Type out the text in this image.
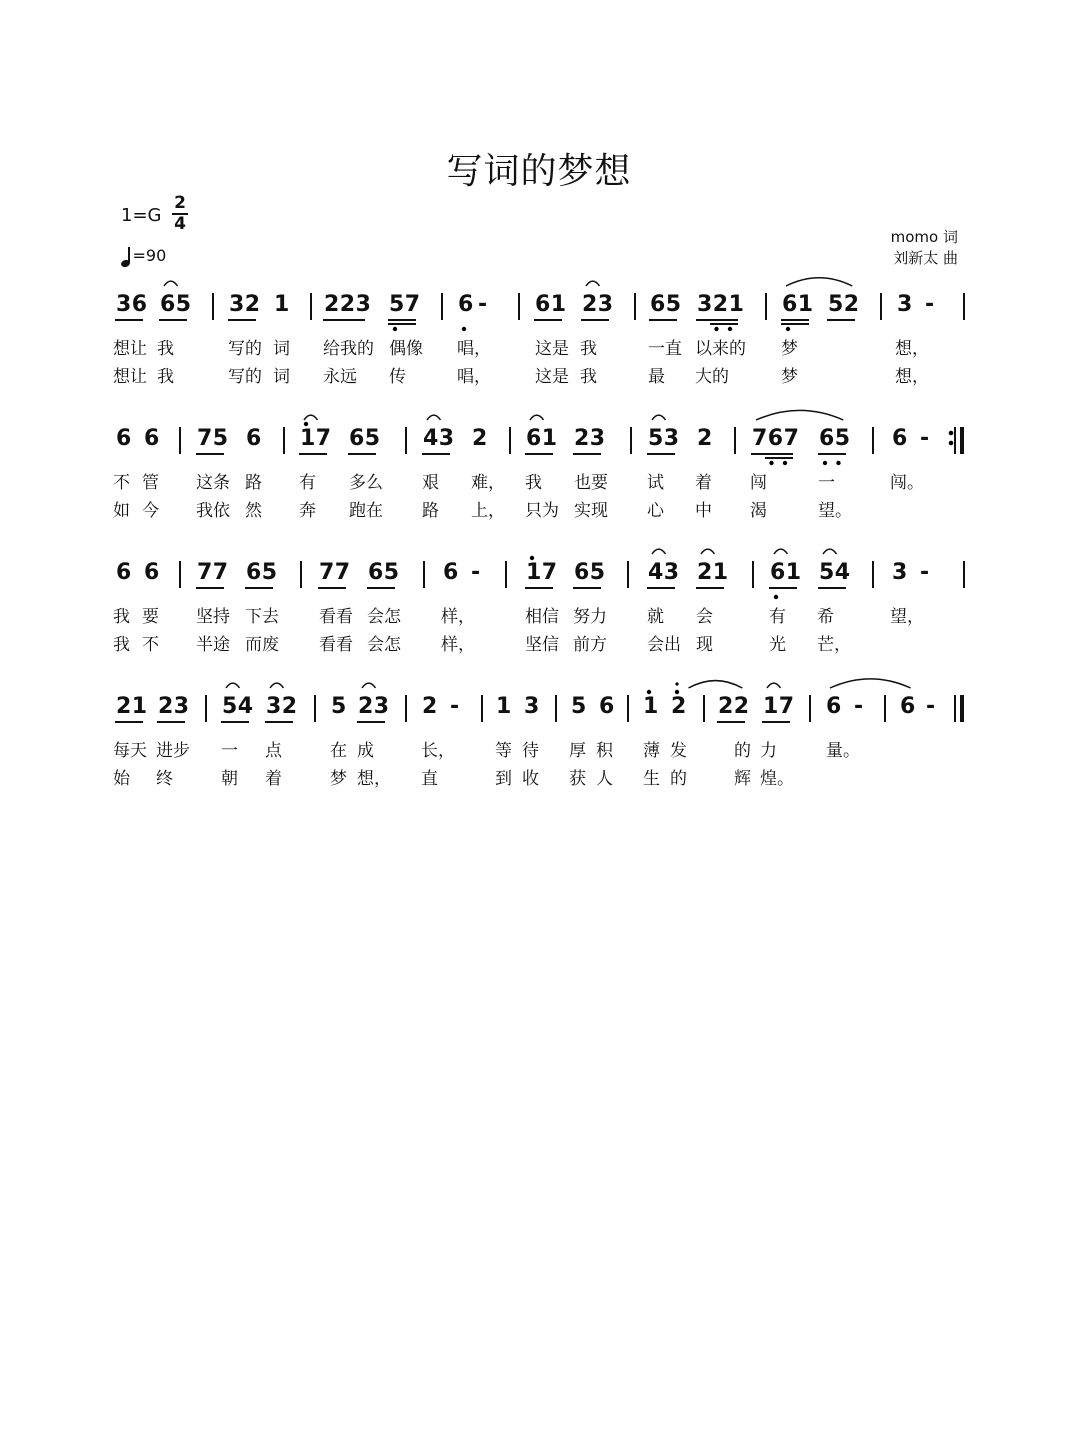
写词的梦想
1=G
2
4
=90
momo 词
刘新太 曲
36 65 32 1 223 57 6 - 61 23 65 321 61 52 3 -
想让 我	写的 词 给我的 偶像 唱，	这是 我	一直 以来的 梦	想，
想让 我	写的 词 永远 传	唱，	这是 我	最 大的	梦	想，
6 6 75 6 17 65 43 2 61 23 53 2 767 65 6 -
不 管 这条 路 有 多么 艰 难， 我 也要 试 着 闯	一	闯。
如 今 我依 然 奔 跑在 路 上， 只为 实现 心 中 渴	望。
6 6 77 65 77 65 6 - 17 65 43 21 61 54 3 -
我 要 坚持 下去 看看 会怎 样，	相信 努力 就 会	有 希	望，
我 不 半途 而废 看看 会怎 样，	坚信 前方 会出 现	光 芒，
21 23 54 32 5 23 2 - 1 3 5 6 1 2 22 17 6 - 6 -
每天 进步 一 点	在 成	长， 等 待 厚 积 薄 发	的 力	量。
始 终	朝 着	梦 想， 直	到 收 获 人 生 的	辉 煌。
